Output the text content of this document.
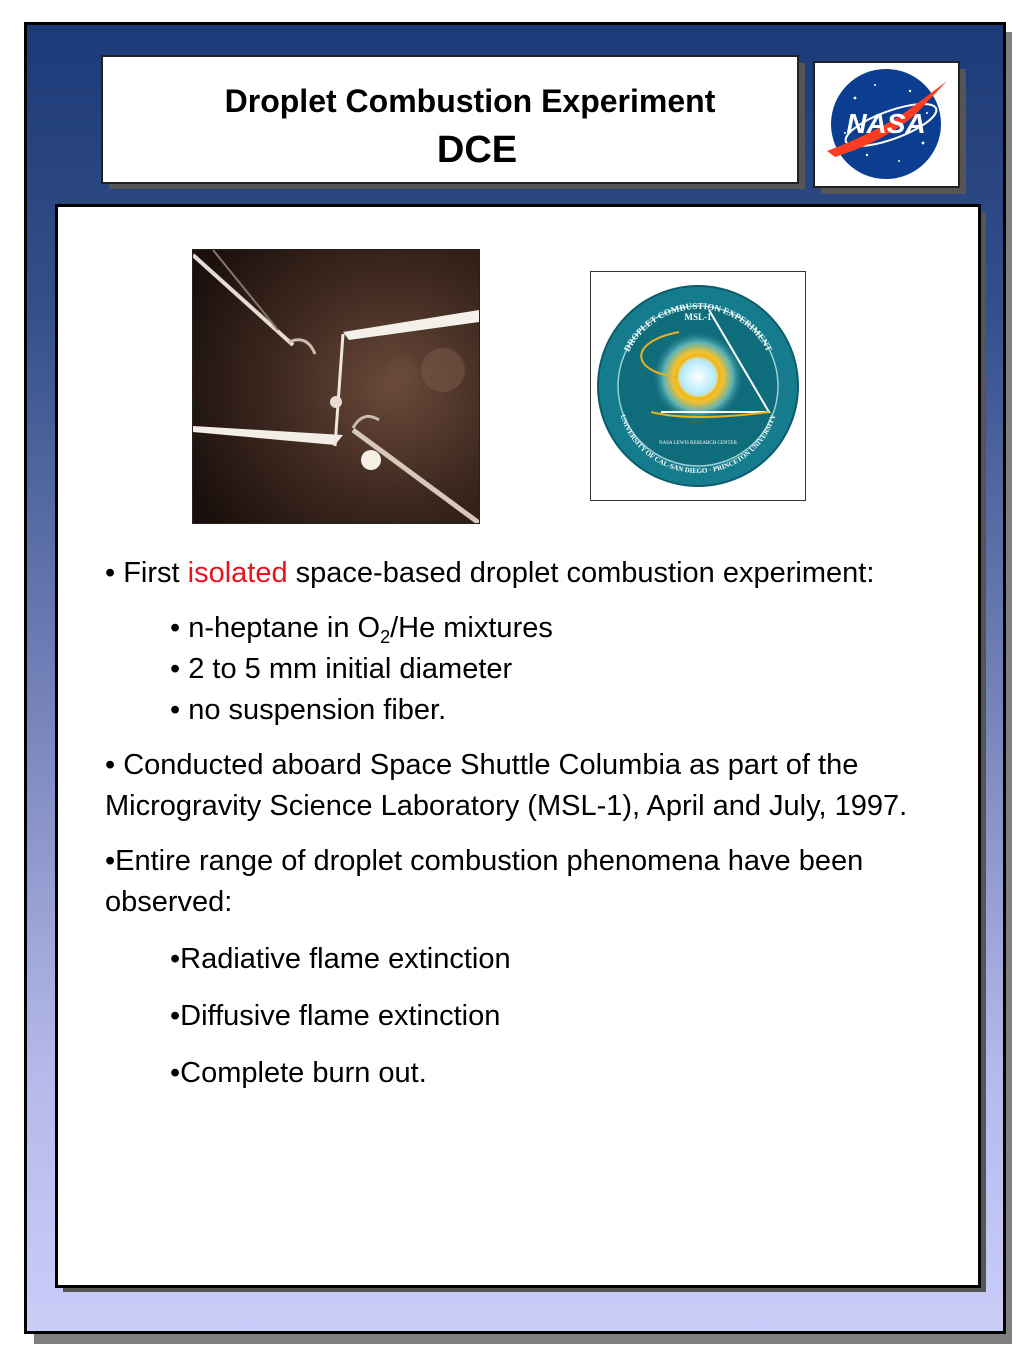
Droplet Combustion Experiment
DCE
NASA
DROPLET COMBUSTION EXPERIMENT
MSL-1
NASA LEWIS RESEARCH CENTER
UNIVERSITY OF CAL-SAN DIEGO · PRINCETON UNIVERSITY

• First isolated space-based droplet combustion experiment:

• n-heptane in $O_2/He$ mixtures

• 2 to 5 mm initial diameter

• no suspension fiber.

• Conducted aboard Space Shuttle Columbia as part of the Microgravity Science Laboratory (MSL-1), April and July, 1997.

•Entire range of droplet combustion phenomena have been observed:

•Radiative flame extinction

•Diffusive flame extinction

•Complete burn out.
